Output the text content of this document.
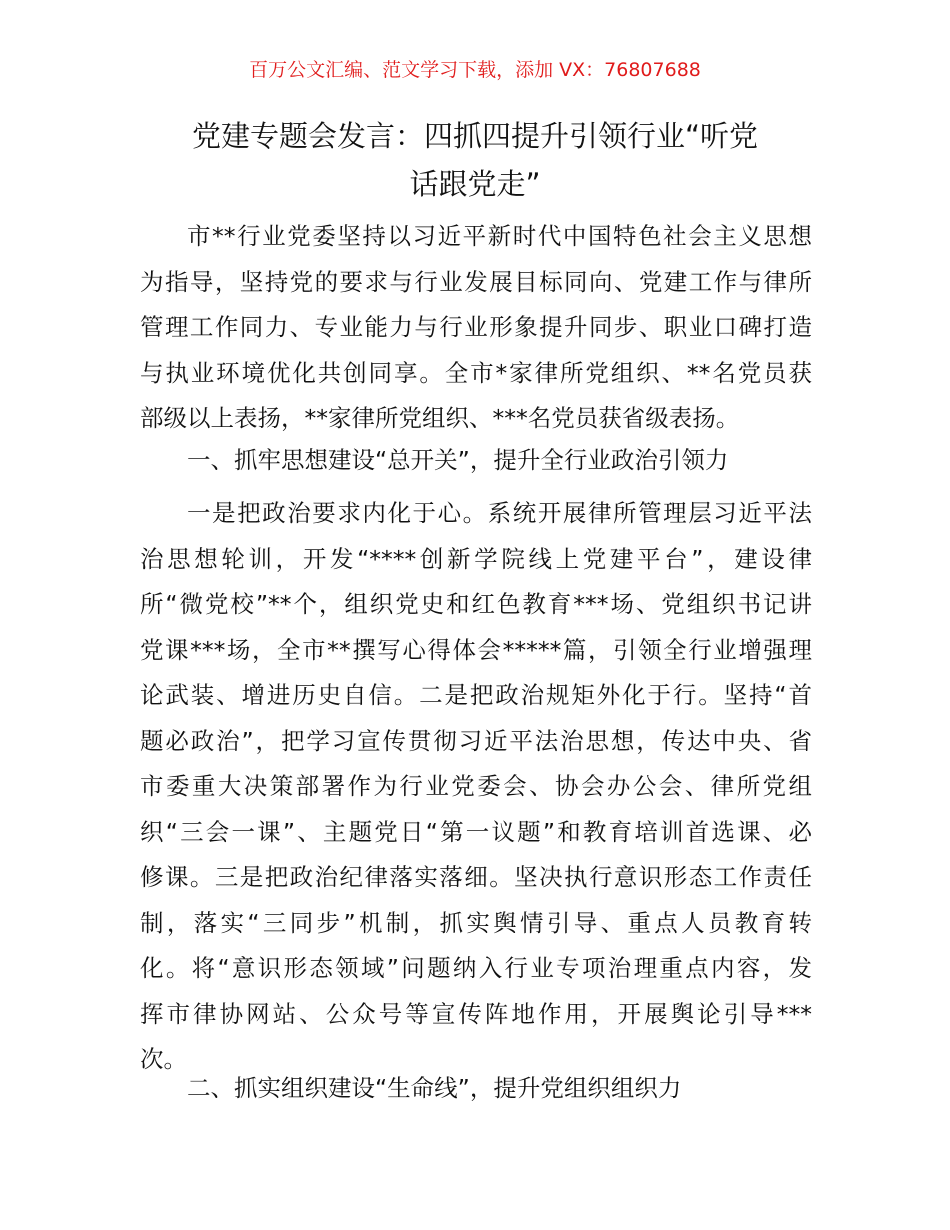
百万公文汇编、范文学习下载，添加 VX：76807688
党建专题会发言：四抓四提升引领行业“听党
话跟党走”
市**行业党委坚持以习近平新时代中国特色社会主义思想
为指导，坚持党的要求与行业发展目标同向、党建工作与律所
管理工作同力、专业能力与行业形象提升同步、职业口碑打造
与执业环境优化共创同享。全市*家律所党组织、**名党员获
部级以上表扬，**家律所党组织、***名党员获省级表扬。
一、抓牢思想建设“总开关”，提升全行业政治引领力
一是把政治要求内化于心。系统开展律所管理层习近平法
治思想轮训，开发“****创新学院线上党建平台”，建设律
所“微党校”**个，组织党史和红色教育***场、党组织书记讲
党课***场，全市**撰写心得体会*****篇，引领全行业增强理
论武装、增进历史自信。二是把政治规矩外化于行。坚持“首
题必政治”，把学习宣传贯彻习近平法治思想，传达中央、省
市委重大决策部署作为行业党委会、协会办公会、律所党组
织“三会一课”、主题党日“第一议题”和教育培训首选课、必
修课。三是把政治纪律落实落细。坚决执行意识形态工作责任
制，落实“三同步”机制，抓实舆情引导、重点人员教育转
化。将“意识形态领域”问题纳入行业专项治理重点内容，发
挥市律协网站、公众号等宣传阵地作用，开展舆论引导***
次。
二、抓实组织建设“生命线”，提升党组织组织力
